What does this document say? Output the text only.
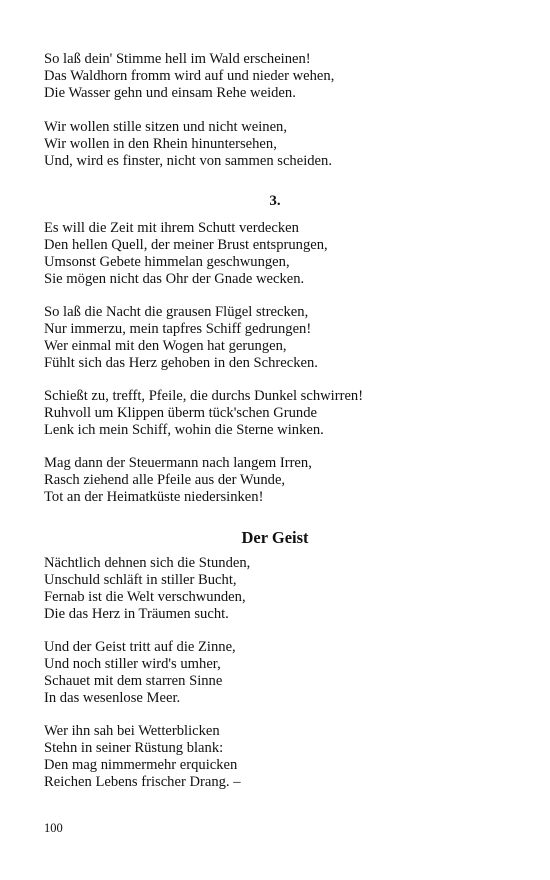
So laß dein' Stimme hell im Wald erscheinen!
Das Waldhorn fromm wird auf und nieder wehen,
Die Wasser gehn und einsam Rehe weiden.

Wir wollen stille sitzen und nicht weinen,
Wir wollen in den Rhein hinuntersehen,
Und, wird es finster, nicht von sammen scheiden.

3.

Es will die Zeit mit ihrem Schutt verdecken
Den hellen Quell, der meiner Brust entsprungen,
Umsonst Gebete himmelan geschwungen,
Sie mögen nicht das Ohr der Gnade wecken.

So laß die Nacht die grausen Flügel strecken,
Nur immerzu, mein tapfres Schiff gedrungen!
Wer einmal mit den Wogen hat gerungen,
Fühlt sich das Herz gehoben in den Schrecken.

Schießt zu, trefft, Pfeile, die durchs Dunkel schwirren!
Ruhvoll um Klippen überm tück'schen Grunde
Lenk ich mein Schiff, wohin die Sterne winken.

Mag dann der Steuermann nach langem Irren,
Rasch ziehend alle Pfeile aus der Wunde,
Tot an der Heimatküste niedersinken!

Der Geist

Nächtlich dehnen sich die Stunden,
Unschuld schläft in stiller Bucht,
Fernab ist die Welt verschwunden,
Die das Herz in Träumen sucht.

Und der Geist tritt auf die Zinne,
Und noch stiller wird's umher,
Schauet mit dem starren Sinne
In das wesenlose Meer.

Wer ihn sah bei Wetterblicken
Stehn in seiner Rüstung blank:
Den mag nimmermehr erquicken
Reichen Lebens frischer Drang. –

100
